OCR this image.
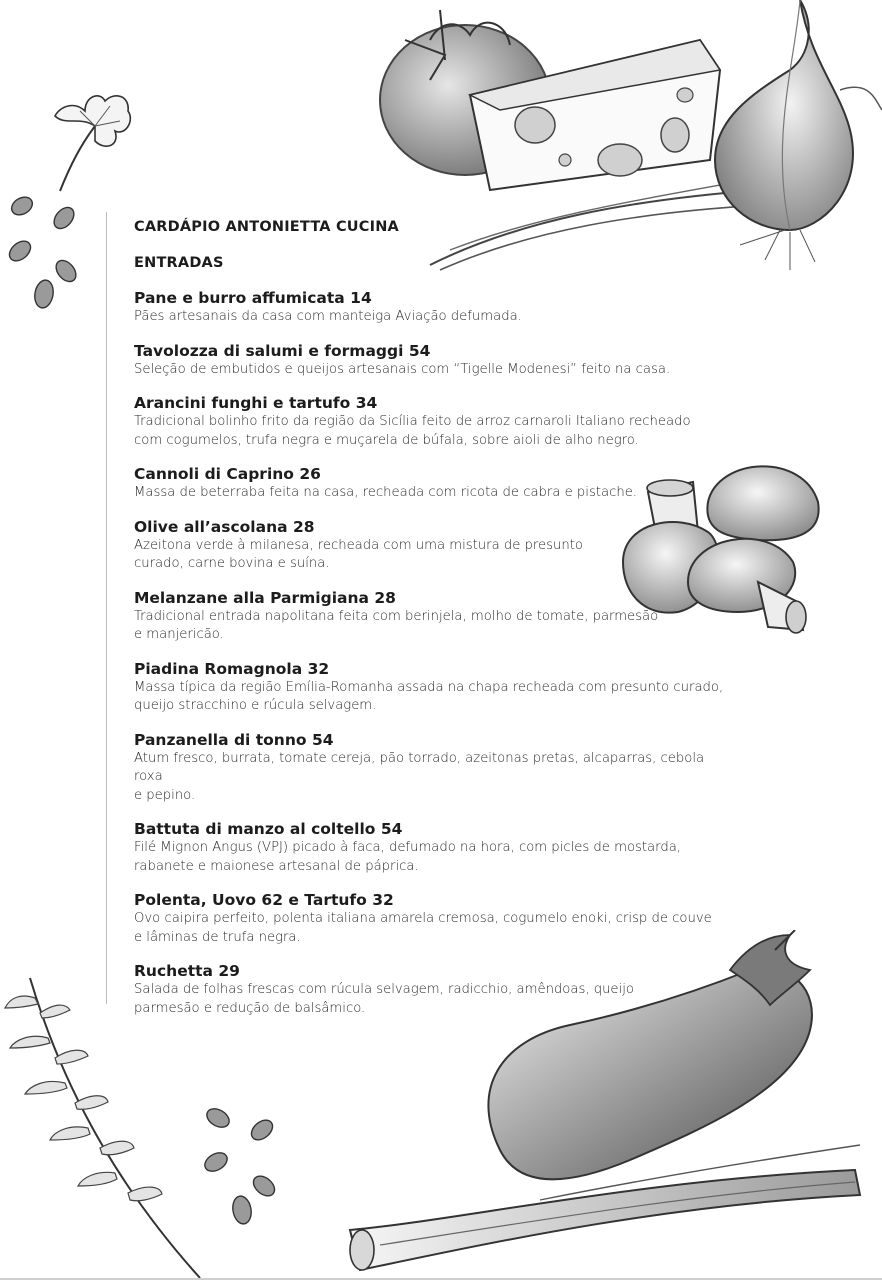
CARDÁPIO ANTONIETTA CUCINA
ENTRADAS
Pane e burro affumicata 14
Pães artesanais da casa com manteiga Aviação defumada.
Tavolozza di salumi e formaggi 54
Seleção de embutidos e queijos artesanais com “Tigelle Modenesi” feito na casa.
Arancini funghi e tartufo 34
Tradicional bolinho frito da região da Sicília feito de arroz carnaroli Italiano recheado
com cogumelos, trufa negra e muçarela de búfala, sobre aioli de alho negro.
Cannoli di Caprino 26
Massa de beterraba feita na casa, recheada com ricota de cabra e pistache.
Olive all’ascolana 28
Azeitona verde à milanesa, recheada com uma mistura de presunto
curado, carne bovina e suína.
Melanzane alla Parmigiana 28
Tradicional entrada napolitana feita com berinjela, molho de tomate, parmesão
e manjericão.
Piadina Romagnola 32
Massa típica da região Emília-Romanha assada na chapa recheada com presunto curado,
queijo stracchino e rúcula selvagem.
Panzanella di tonno 54
Atum fresco, burrata, tomate cereja, pão torrado, azeitonas pretas, alcaparras, cebola roxa
e pepino.
Battuta di manzo al coltello 54
Filé Mignon Angus (VPJ) picado à faca, defumado na hora, com picles de mostarda,
rabanete e maionese artesanal de páprica.
Polenta, Uovo 62 e Tartufo 32
Ovo caipira perfeito, polenta italiana amarela cremosa, cogumelo enoki, crisp de couve
e lâminas de trufa negra.
Ruchetta 29
Salada de folhas frescas com rúcula selvagem, radicchio, amêndoas, queijo
parmesão e redução de balsâmico.
